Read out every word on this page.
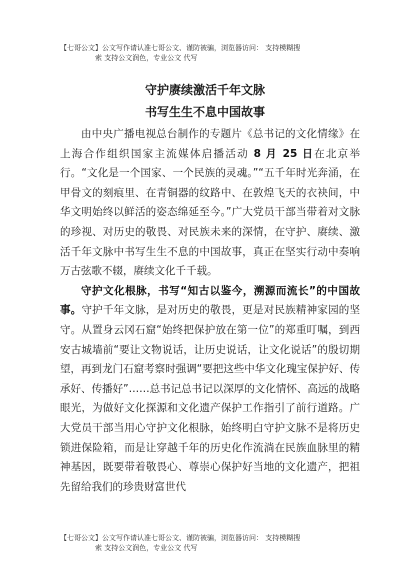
【七哥公文】公文写作请认准七哥公文、谨防被骗，浏览器访问： 支持模糊搜
索 支持公文润色，专业公文 代写
守护赓续激活千年文脉
书写生生不息中国故事

由中央广播电视总台制作的专题片《总书记的文化情缘》在上海合作组织国家主流媒体启播活动 8 月 25 日在北京举行。“文化是一个国家、一个民族的灵魂。”“五千年时光奔涌，在甲骨文的刻痕里、在青铜器的纹路中、在敦煌飞天的衣袂间，中华文明始终以鲜活的姿态绵延至今。”广大党员干部当带着对文脉的珍视、对历史的敬畏、对民族未来的深情，在守护、赓续、激活千年文脉中书写生生不息的中国故事，真正在坚实行动中奏响万古弦歌不辍，赓续文化千千载。

守护文化根脉，书写“知古以鉴今，溯源而流长”的中国故事。守护千年文脉，是对历史的敬畏，更是对民族精神家园的坚守。从置身云冈石窟“始终把保护放在第一位”的郑重叮嘱，到西安古城墙前“要让文物说话，让历史说话，让文化说话”的殷切期望，再到龙门石窟考察时强调“要把这些中华文化瑰宝保护好、传承好、传播好”……总书记总书记以深厚的文化情怀、高远的战略眼光，为做好文化探源和文化遗产保护工作指引了前行道路。广大党员干部当用心守护文化根脉，始终明白守护文脉不是将历史锁进保险箱，而是让穿越千年的历史化作流淌在民族血脉里的精神基因，既要带着敬畏心、尊崇心保护好当地的文化遗产，把祖先留给我们的珍贵财富世代

【七哥公文】公文写作请认准七哥公文、谨防被骗，浏览器访问： 支持模糊搜
索 支持公文润色，专业公文 代写
